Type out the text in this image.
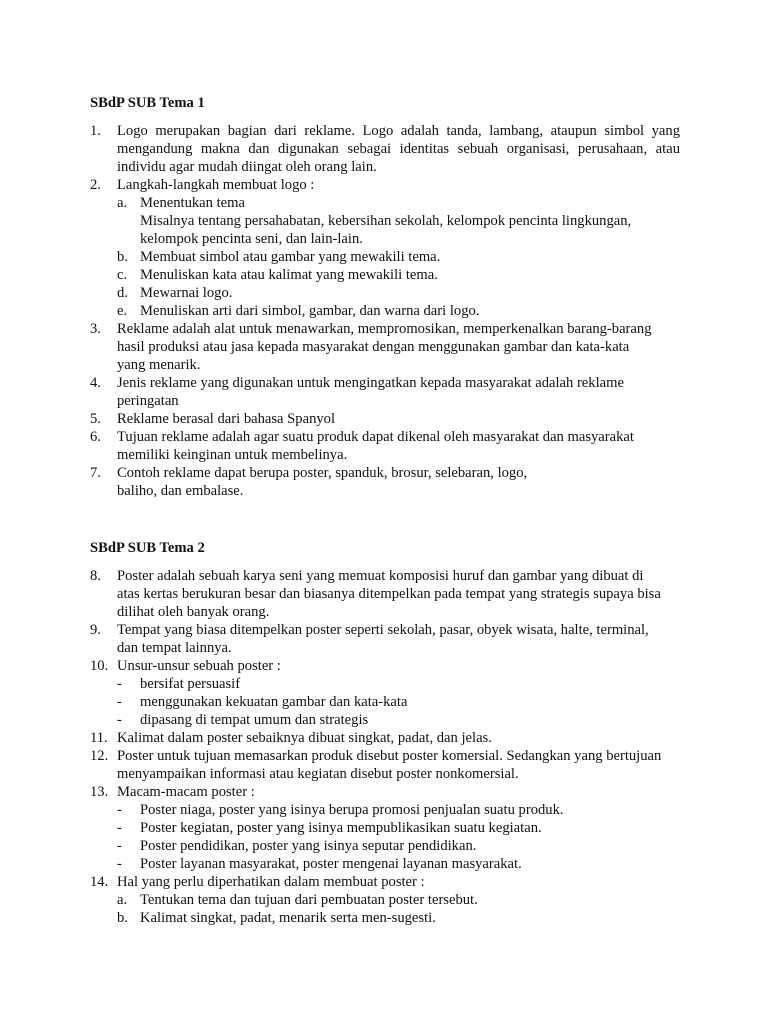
SBdP SUB Tema 1
1. Logo merupakan bagian dari reklame. Logo adalah tanda, lambang, ataupun simbol yang mengandung makna dan digunakan sebagai identitas sebuah organisasi, perusahaan, atau individu agar mudah diingat oleh orang lain.
2. Langkah-langkah membuat logo :
a. Menentukan tema
Misalnya tentang persahabatan, kebersihan sekolah, kelompok pencinta lingkungan,
kelompok pencinta seni, dan lain-lain.
b. Membuat simbol atau gambar yang mewakili tema.
c. Menuliskan kata atau kalimat yang mewakili tema.
d. Mewarnai logo.
e. Menuliskan arti dari simbol, gambar, dan warna dari logo.
3. Reklame adalah alat untuk menawarkan, mempromosikan, memperkenalkan barang-barang
hasil produksi atau jasa kepada masyarakat dengan menggunakan gambar dan kata-kata
yang menarik.
4. Jenis reklame yang digunakan untuk mengingatkan kepada masyarakat adalah reklame
peringatan
5. Reklame berasal dari bahasa Spanyol
6. Tujuan reklame adalah agar suatu produk dapat dikenal oleh masyarakat dan masyarakat
memiliki keinginan untuk membelinya.
7. Contoh reklame dapat berupa poster, spanduk, brosur, selebaran, logo,
baliho, dan embalase.
SBdP SUB Tema 2
8. Poster adalah sebuah karya seni yang memuat komposisi huruf dan gambar yang dibuat di
atas kertas berukuran besar dan biasanya ditempelkan pada tempat yang strategis supaya bisa
dilihat oleh banyak orang.
9. Tempat yang biasa ditempelkan poster seperti sekolah, pasar, obyek wisata, halte, terminal,
dan tempat lainnya.
10. Unsur-unsur sebuah poster :
- bersifat persuasif
- menggunakan kekuatan gambar dan kata-kata
- dipasang di tempat umum dan strategis
11. Kalimat dalam poster sebaiknya dibuat singkat, padat, dan jelas.
12. Poster untuk tujuan memasarkan produk disebut poster komersial. Sedangkan yang bertujuan
menyampaikan informasi atau kegiatan disebut poster nonkomersial.
13. Macam-macam poster :
- Poster niaga, poster yang isinya berupa promosi penjualan suatu produk.
- Poster kegiatan, poster yang isinya mempublikasikan suatu kegiatan.
- Poster pendidikan, poster yang isinya seputar pendidikan.
- Poster layanan masyarakat, poster mengenai layanan masyarakat.
14. Hal yang perlu diperhatikan dalam membuat poster :
a. Tentukan tema dan tujuan dari pembuatan poster tersebut.
b. Kalimat singkat, padat, menarik serta men-sugesti.
